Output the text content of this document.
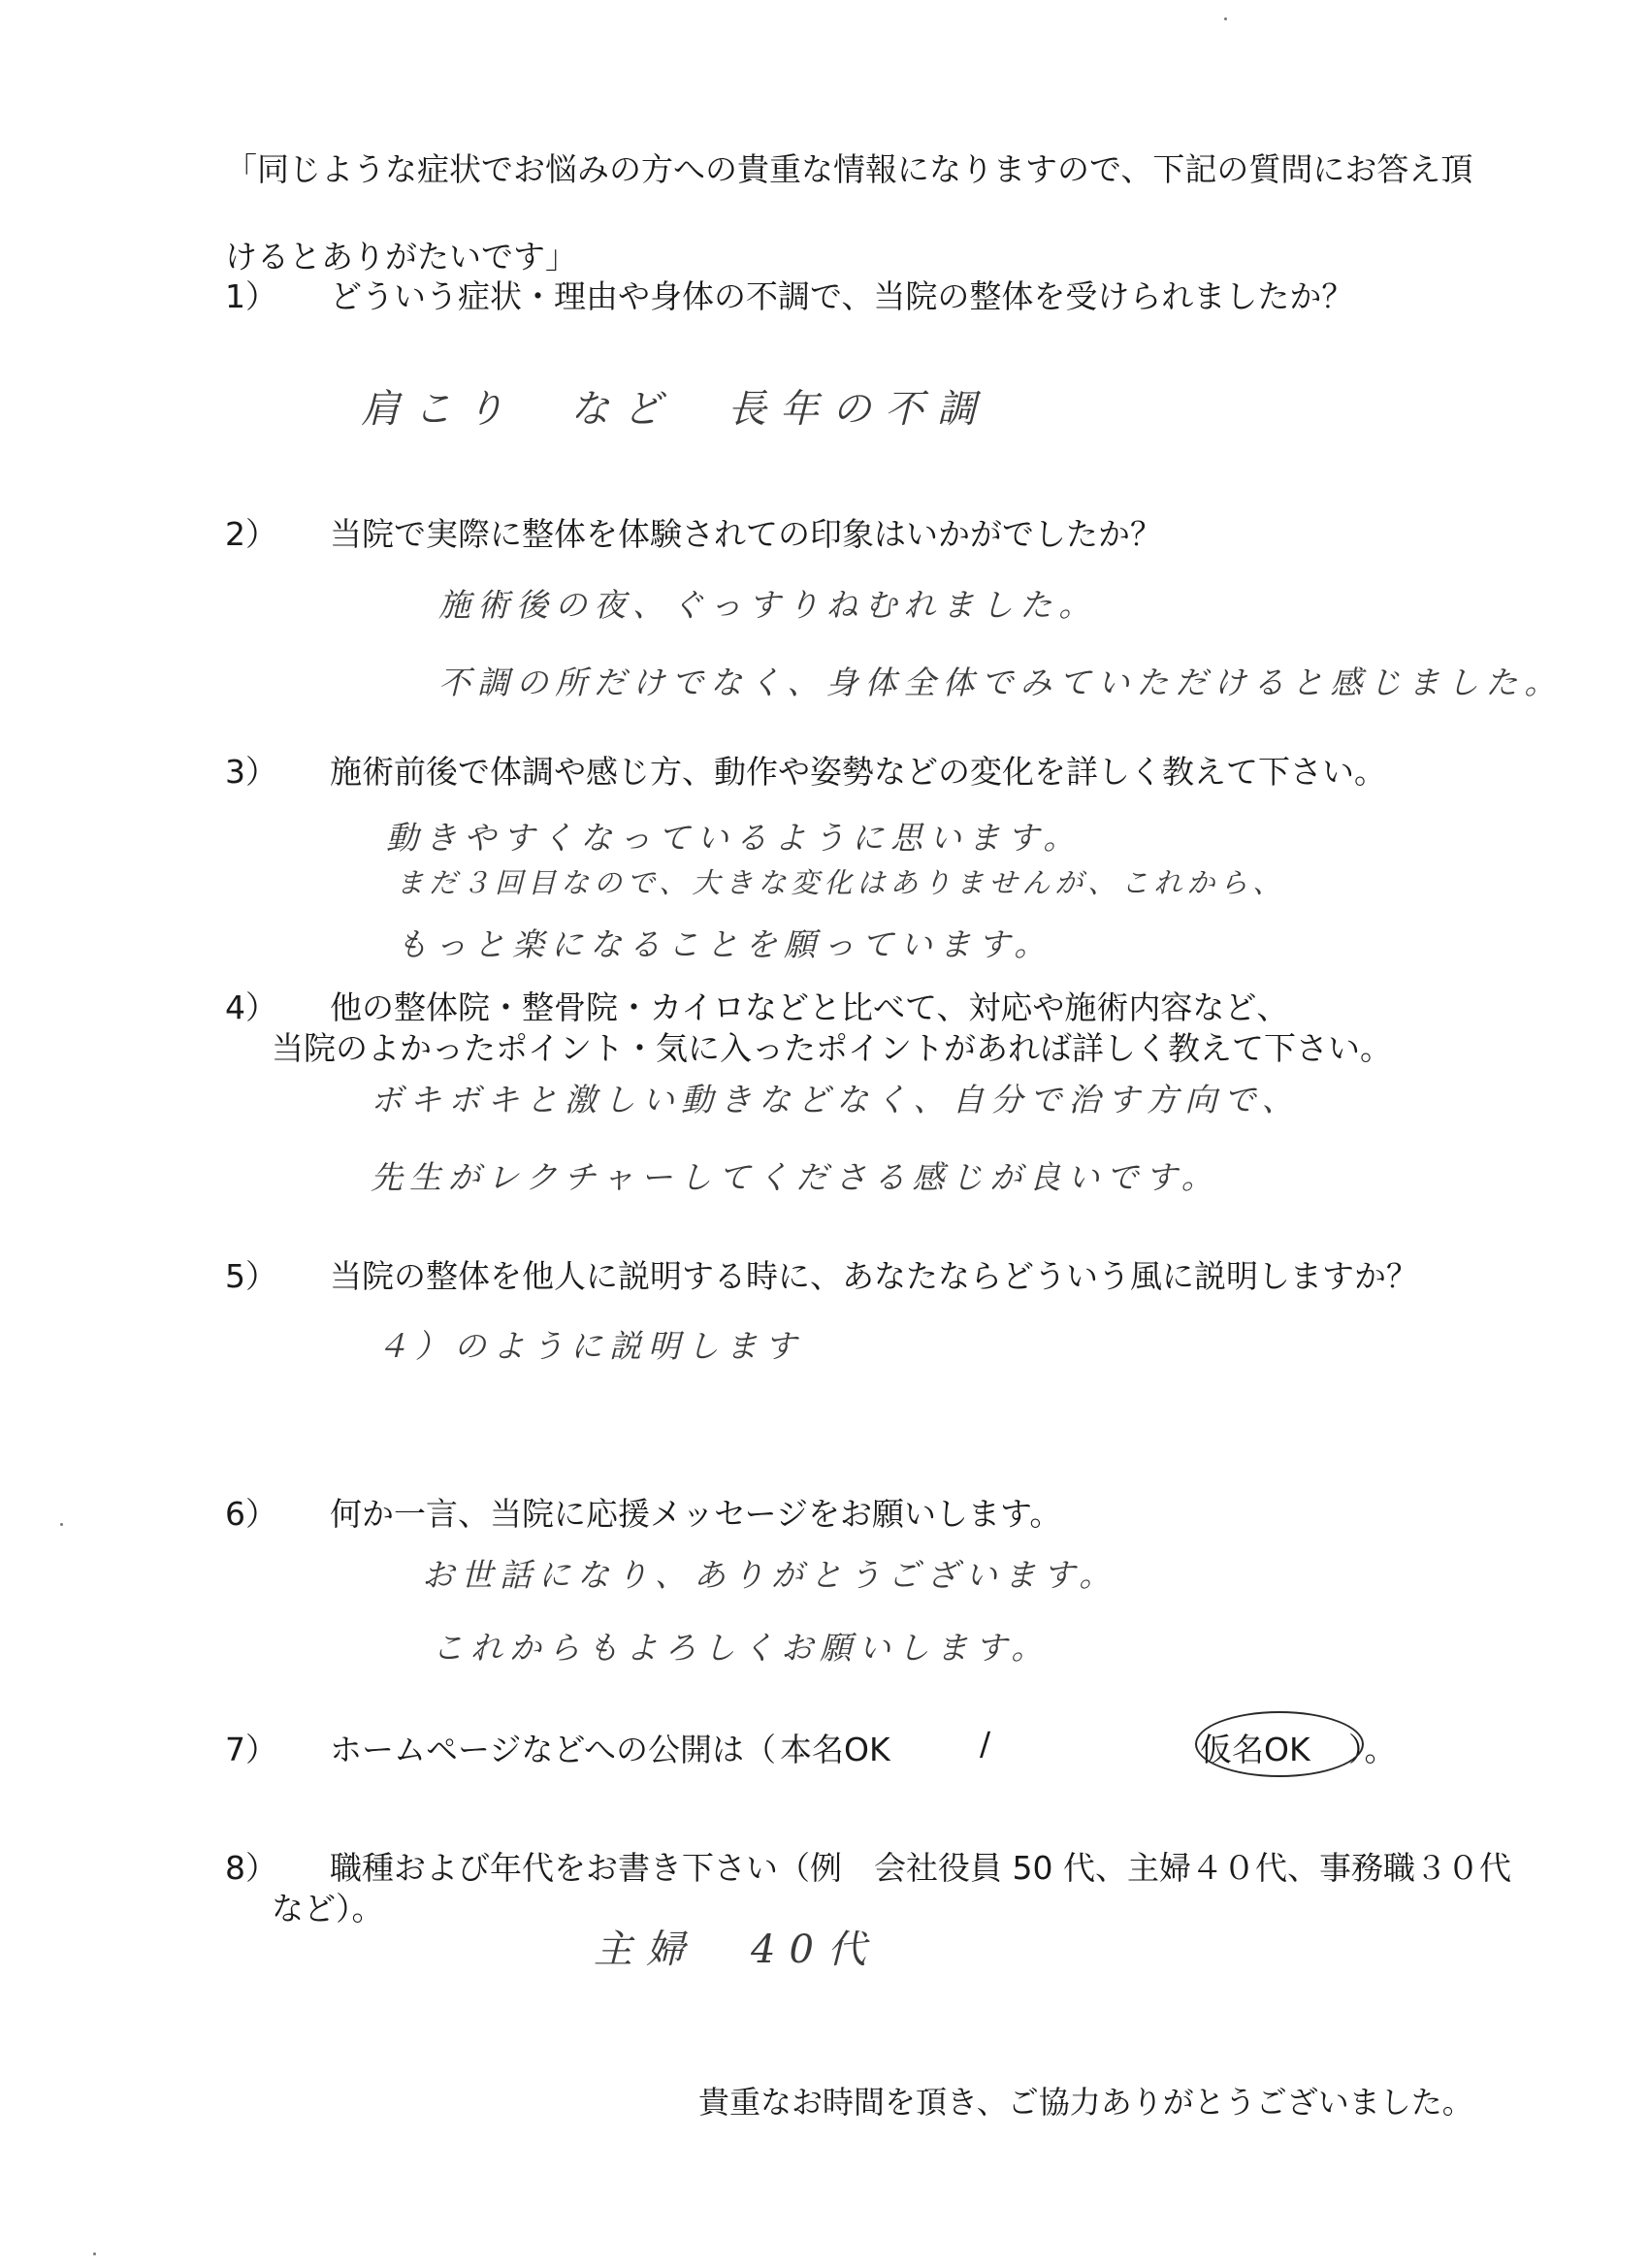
「同じような症状でお悩みの方への貴重な情報になりますので、下記の質問にお答え頂けるとありがたいです」

1） どういう症状・理由や身体の不調で、当院の整体を受けられましたか？
肩こり　など　長年の不調
2） 当院で実際に整体を体験されての印象はいかがでしたか？
施術後の夜、ぐっすりねむれました。
不調の所だけでなく、身体全体でみていただけると感じました。
3） 施術前後で体調や感じ方、動作や姿勢などの変化を詳しく教えて下さい。
動きやすくなっているように思います。
まだ３回目なので、大きな変化はありませんが、これから、
もっと楽になることを願っています。
4） 他の整体院・整骨院・カイロなどと比べて、対応や施術内容など、
当院のよかったポイント・気に入ったポイントがあれば詳しく教えて下さい。
ボキボキと激しい動きなどなく、自分で治す方向で、
先生がレクチャーしてくださる感じが良いです。
5） 当院の整体を他人に説明する時に、あなたならどういう風に説明しますか？
４）のように説明します
6） 何か一言、当院に応援メッセージをお願いします。
お世話になり、ありがとうございます。
これからもよろしくお願いします。
7） ホームページなどへの公開は（ 本名OK	/	仮名OK ）。
8） 職種および年代をお書き下さい（例　会社役員 50 代、主婦４０代、事務職３０代
など）。
主婦　40代
貴重なお時間を頂き、ご協力ありがとうございました。
